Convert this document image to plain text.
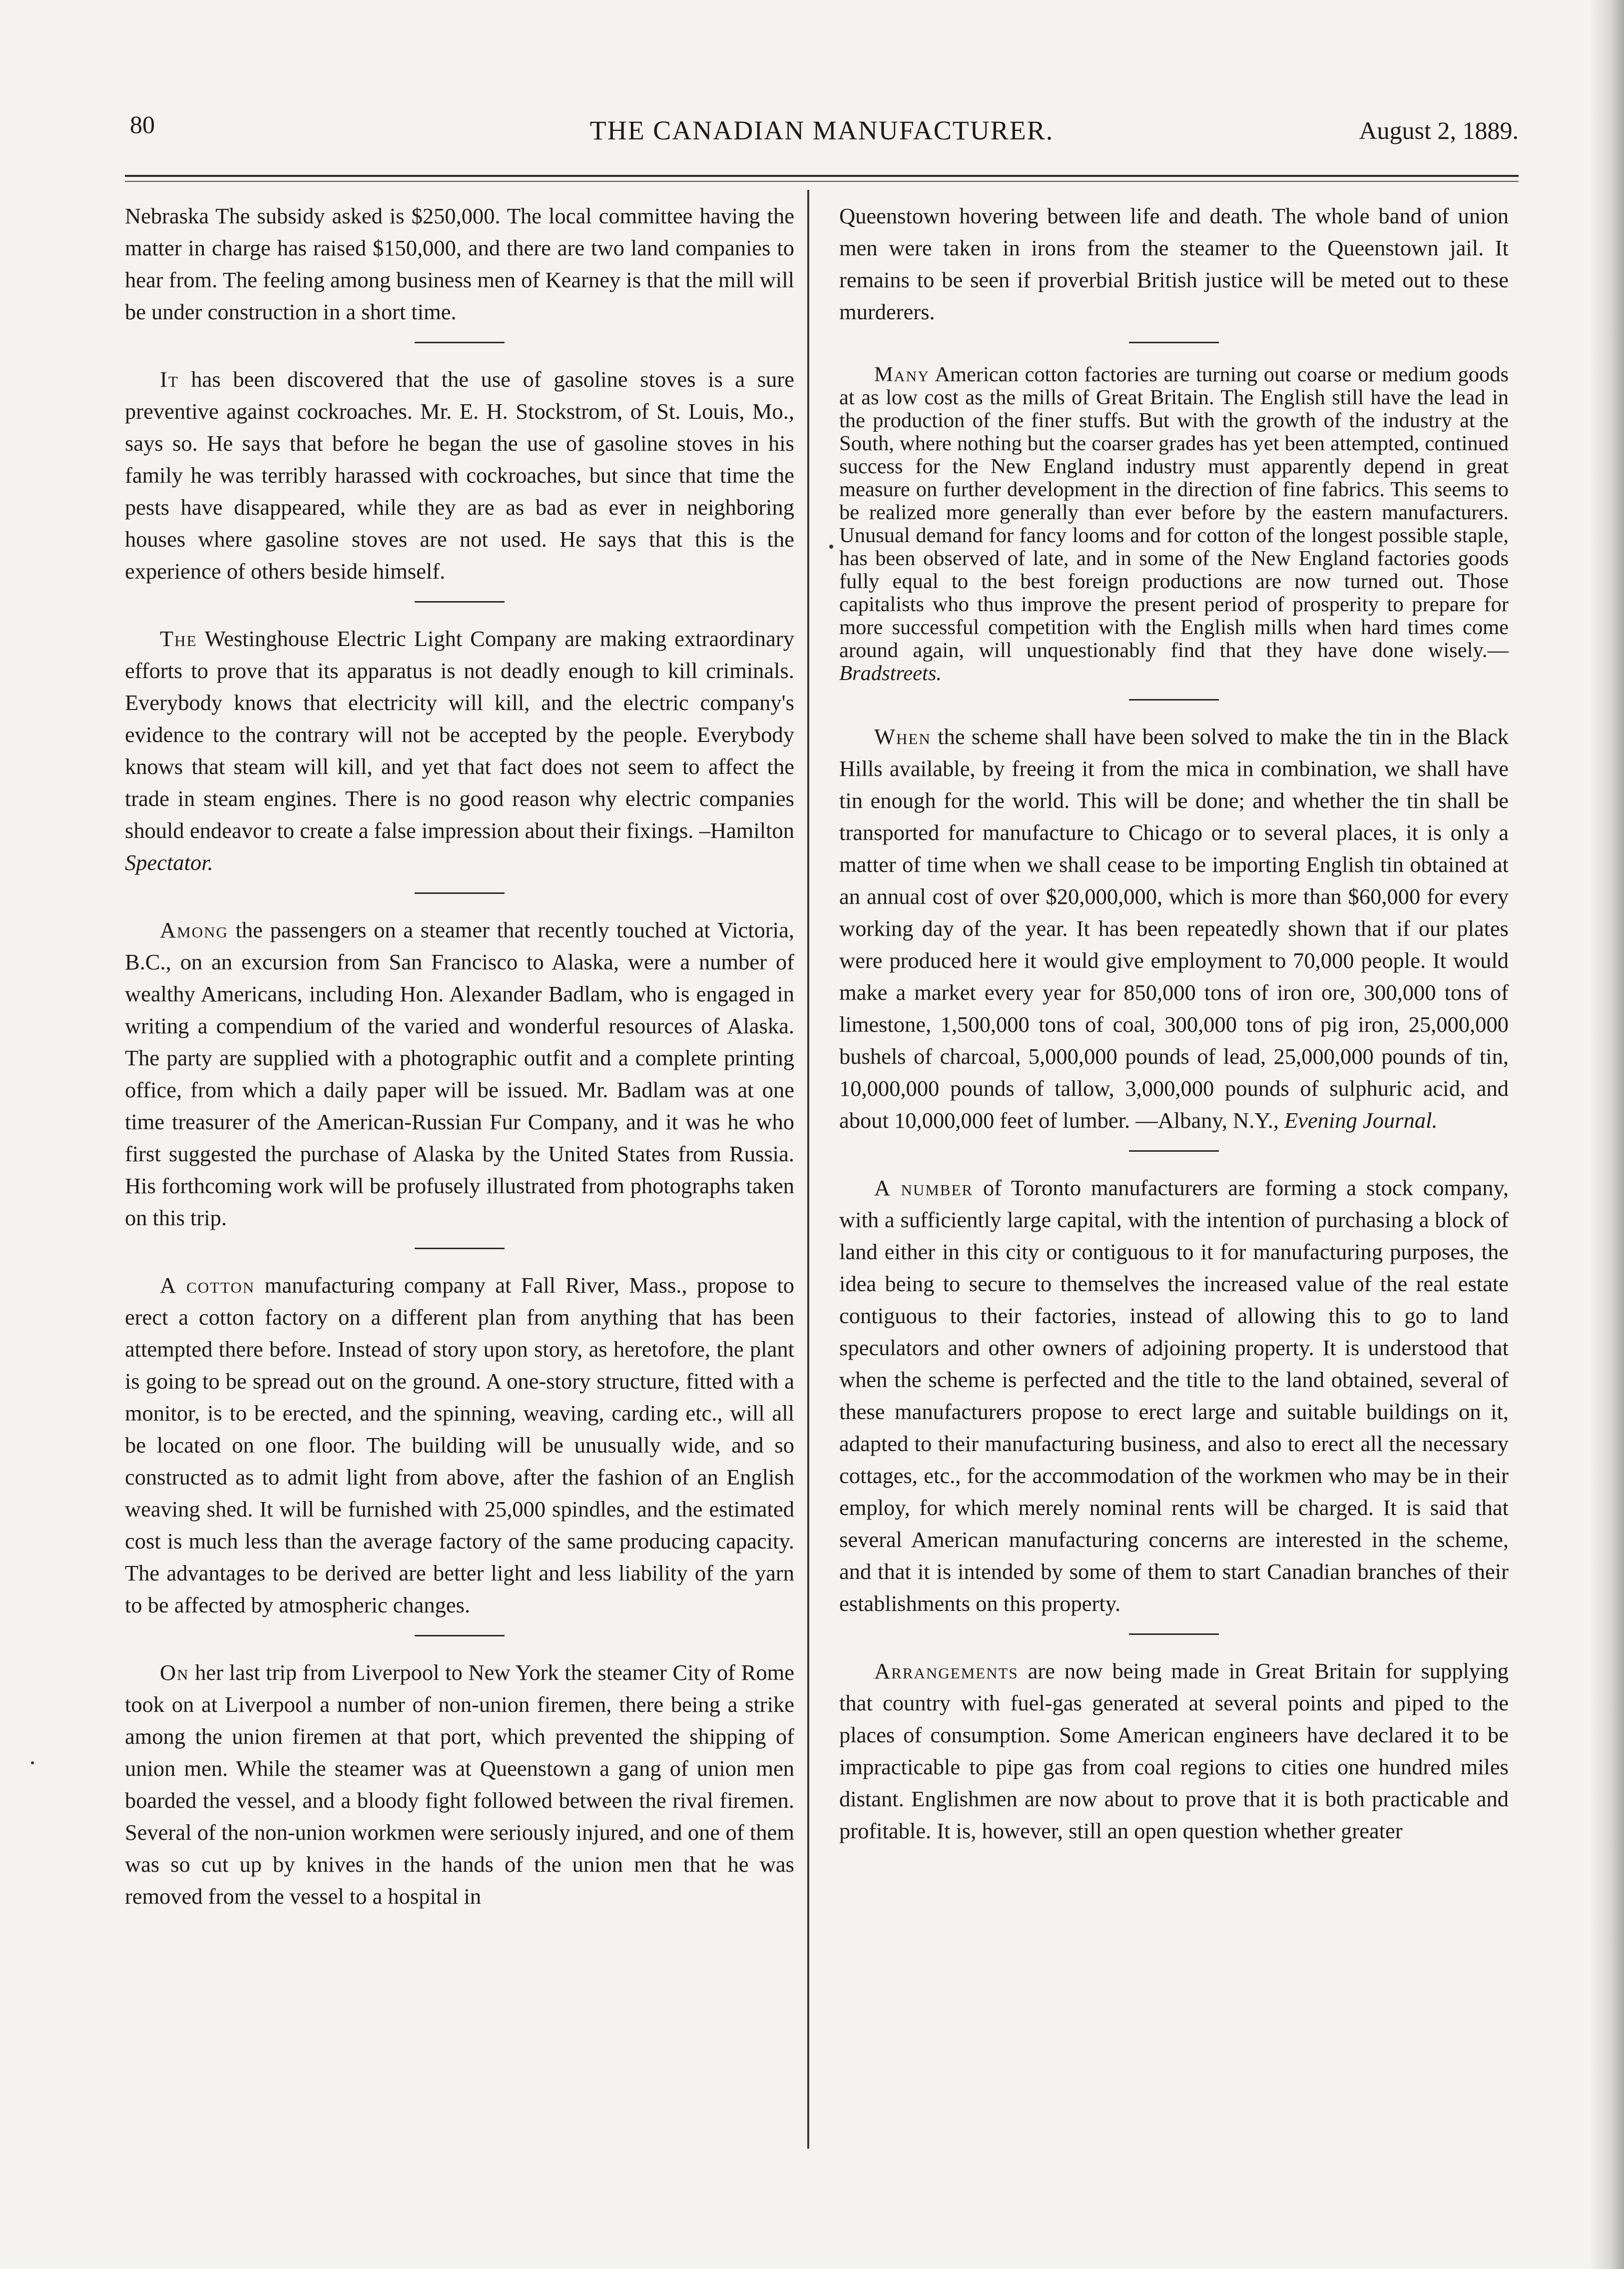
80	THE CANADIAN MANUFACTURER.	August 2, 1889.

Nebraska The subsidy asked is $250,000. The local committee having the matter in charge has raised $150,000, and there are two land companies to hear from. The feeling among business men of Kearney is that the mill will be under construction in a short time.

It has been discovered that the use of gasoline stoves is a sure preventive against cockroaches. Mr. E. H. Stockstrom, of St. Louis, Mo., says so. He says that before he began the use of gasoline stoves in his family he was terribly harassed with cockroaches, but since that time the pests have disappeared, while they are as bad as ever in neighboring houses where gasoline stoves are not used. He says that this is the experience of others beside himself.

The Westinghouse Electric Light Company are making extraordinary efforts to prove that its apparatus is not deadly enough to kill criminals. Everybody knows that electricity will kill, and the electric company's evidence to the contrary will not be accepted by the people. Everybody knows that steam will kill, and yet that fact does not seem to affect the trade in steam engines. There is no good reason why electric companies should endeavor to create a false impression about their fixings. –Hamilton Spectator.

Among the passengers on a steamer that recently touched at Victoria, B.C., on an excursion from San Francisco to Alaska, were a number of wealthy Americans, including Hon. Alexander Badlam, who is engaged in writing a compendium of the varied and wonderful resources of Alaska. The party are supplied with a photographic outfit and a complete printing office, from which a daily paper will be issued. Mr. Badlam was at one time treasurer of the American-Russian Fur Company, and it was he who first suggested the purchase of Alaska by the United States from Russia. His forthcoming work will be profusely illustrated from photographs taken on this trip.

A cotton manufacturing company at Fall River, Mass., propose to erect a cotton factory on a different plan from anything that has been attempted there before. Instead of story upon story, as heretofore, the plant is going to be spread out on the ground. A one-story structure, fitted with a monitor, is to be erected, and the spinning, weaving, carding etc., will all be located on one floor. The building will be unusually wide, and so constructed as to admit light from above, after the fashion of an English weaving shed. It will be furnished with 25,000 spindles, and the estimated cost is much less than the average factory of the same producing capacity. The advantages to be derived are better light and less liability of the yarn to be affected by atmospheric changes.

On her last trip from Liverpool to New York the steamer City of Rome took on at Liverpool a number of non-union firemen, there being a strike among the union firemen at that port, which prevented the shipping of union men. While the steamer was at Queenstown a gang of union men boarded the vessel, and a bloody fight followed between the rival firemen. Several of the non-union workmen were seriously injured, and one of them was so cut up by knives in the hands of the union men that he was removed from the vessel to a hospital in

Queenstown hovering between life and death. The whole band of union men were taken in irons from the steamer to the Queenstown jail. It remains to be seen if proverbial British justice will be meted out to these murderers.

Many American cotton factories are turning out coarse or medium goods at as low cost as the mills of Great Britain. The English still have the lead in the production of the finer stuffs. But with the growth of the industry at the South, where nothing but the coarser grades has yet been attempted, continued success for the New England industry must apparently depend in great measure on further development in the direction of fine fabrics. This seems to be realized more generally than ever before by the eastern manufacturers. Unusual demand for fancy looms and for cotton of the longest possible staple, has been observed of late, and in some of the New England factories goods fully equal to the best foreign productions are now turned out. Those capitalists who thus improve the present period of prosperity to prepare for more successful competition with the English mills when hard times come around again, will unquestionably find that they have done wisely.—Bradstreets.

When the scheme shall have been solved to make the tin in the Black Hills available, by freeing it from the mica in combination, we shall have tin enough for the world. This will be done; and whether the tin shall be transported for manufacture to Chicago or to several places, it is only a matter of time when we shall cease to be importing English tin obtained at an annual cost of over $20,000,000, which is more than $60,000 for every working day of the year. It has been repeatedly shown that if our plates were produced here it would give employment to 70,000 people. It would make a market every year for 850,000 tons of iron ore, 300,000 tons of limestone, 1,500,000 tons of coal, 300,000 tons of pig iron, 25,000,000 bushels of charcoal, 5,000,000 pounds of lead, 25,000,000 pounds of tin, 10,000,000 pounds of tallow, 3,000,000 pounds of sulphuric acid, and about 10,000,000 feet of lumber. —Albany, N.Y., Evening Journal.

A number of Toronto manufacturers are forming a stock company, with a sufficiently large capital, with the intention of purchasing a block of land either in this city or contiguous to it for manufacturing purposes, the idea being to secure to themselves the increased value of the real estate contiguous to their factories, instead of allowing this to go to land speculators and other owners of adjoining property. It is understood that when the scheme is perfected and the title to the land obtained, several of these manufacturers propose to erect large and suitable buildings on it, adapted to their manufacturing business, and also to erect all the necessary cottages, etc., for the accommodation of the workmen who may be in their employ, for which merely nominal rents will be charged. It is said that several American manufacturing concerns are interested in the scheme, and that it is intended by some of them to start Canadian branches of their establishments on this property.

Arrangements are now being made in Great Britain for supplying that country with fuel-gas generated at several points and piped to the places of consumption. Some American engineers have declared it to be impracticable to pipe gas from coal regions to cities one hundred miles distant. Englishmen are now about to prove that it is both practicable and profitable. It is, however, still an open question whether greater
